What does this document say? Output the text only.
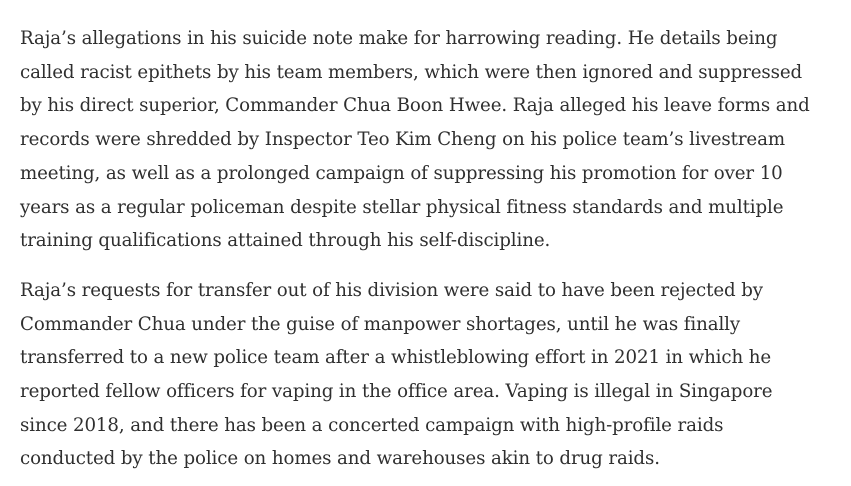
Raja’s allegations in his suicide note make for harrowing reading. He details being called racist epithets by his team members, which were then ignored and suppressed by his direct superior, Commander Chua Boon Hwee. Raja alleged his leave forms and records were shredded by Inspector Teo Kim Cheng on his police team’s livestream meeting, as well as a prolonged campaign of suppressing his promotion for over 10 years as a regular policeman despite stellar physical fitness standards and multiple training qualifications attained through his self-discipline.

Raja’s requests for transfer out of his division were said to have been rejected by Commander Chua under the guise of manpower shortages, until he was finally transferred to a new police team after a whistleblowing effort in 2021 in which he reported fellow officers for vaping in the office area. Vaping is illegal in Singapore since 2018, and there has been a concerted campaign with high-profile raids conducted by the police on homes and warehouses akin to drug raids.
